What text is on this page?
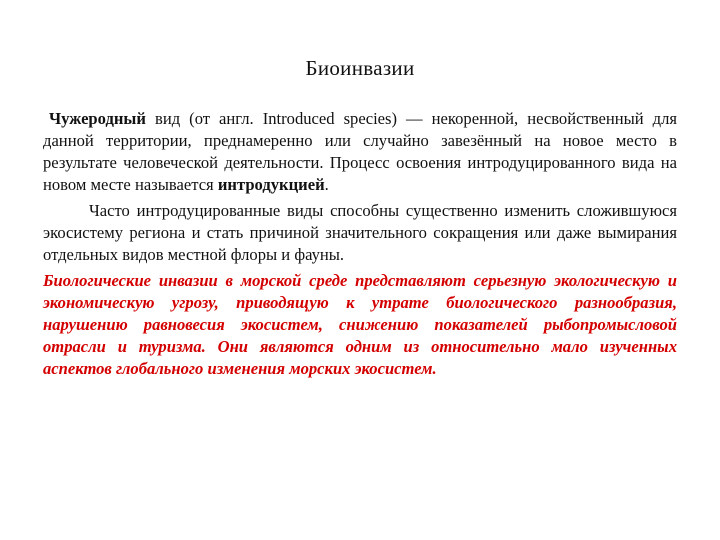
Биоинвазии

Чужеродный вид (от англ. Introduced species) — некоренной, несвойственный для данной территории, преднамеренно или случайно завезённый на новое место в результате человеческой деятельности. Процесс освоения интродуцированного вида на новом месте называется интродукцией.

Часто интродуцированные виды способны существенно изменить сложившуюся экосистему региона и стать причиной значительного сокращения или даже вымирания отдельных видов местной флоры и фауны.

Биологические инвазии в морской среде представляют серьезную экологическую и экономическую угрозу, приводящую к утрате биологического разнообразия, нарушению равновесия экосистем, снижению показателей рыбопромысловой отрасли и туризма. Они являются одним из относительно мало изученных аспектов глобального изменения морских экосистем.
